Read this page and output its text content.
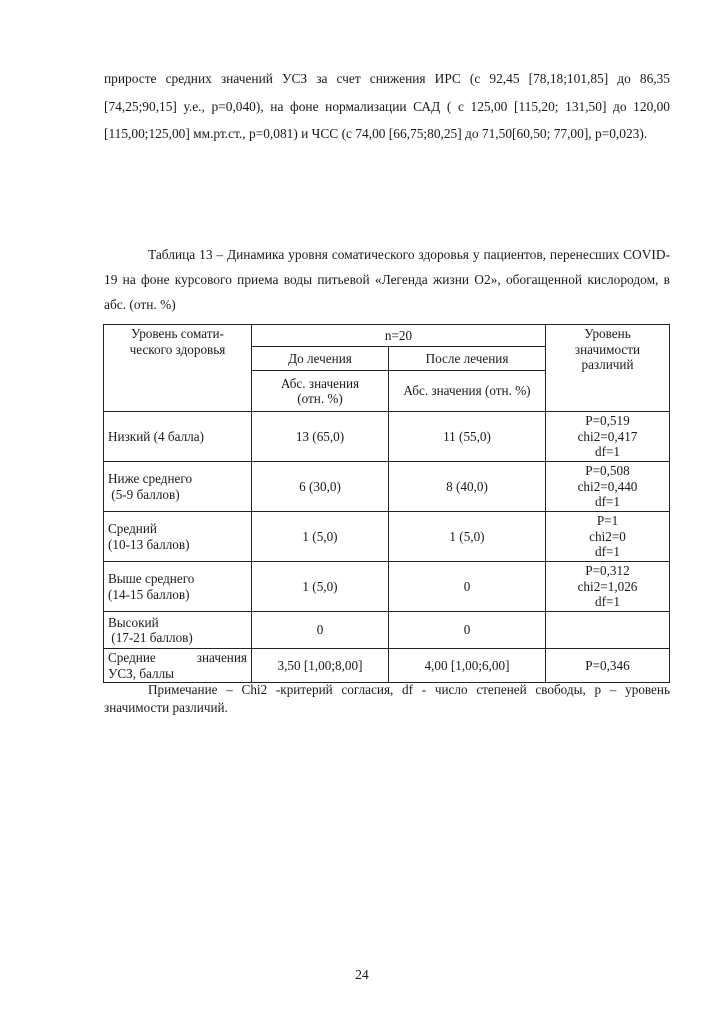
приросте средних значений УСЗ за счет снижения ИРС (с 92,45 [78,18;101,85] до 86,35 [74,25;90,15] у.е., p=0,040), на фоне нормализации САД ( с 125,00 [115,20; 131,50] до 120,00 [115,00;125,00] мм.рт.ст., p=0,081) и ЧСС (с 74,00 [66,75;80,25] до 71,50[60,50; 77,00], p=0,023).

Таблица 13 – Динамика уровня соматического здоровья у пациентов, перенесших COVID-19 на фоне курсового приема воды питьевой «Легенда жизни О2», обогащенной кислородом, в абс. (отн. %)

Уровень сомати-
ческого здоровья
	n=20	Уровень
значимости
различий

До лечения	После лечения

Абс. значения
(отн. %)
	Абс. значения (отн. %)

Низкий (4 балла)	13 (65,0)	11 (55,0)	
P=0,519
chi2=0,417
df=1

Ниже среднего
(5-9 баллов)
	6 (30,0)	8 (40,0)	
P=0,508
chi2=0,440
df=1

Средний
(10-13 баллов)
	1 (5,0)	1 (5,0)	
P=1
chi2=0
df=1

Выше среднего
(14-15 баллов)
	1 (5,0)	0	
P=0,312
chi2=1,026
df=1

Высокий
(17-21 баллов)
	0	0	

Средние значения
УСЗ, баллы
	3,50 [1,00;8,00]	4,00 [1,00;6,00]	P=0,346

Примечание – Chi2 -критерий согласия, df - число степеней свободы, p – уровень значимости различий.

24
